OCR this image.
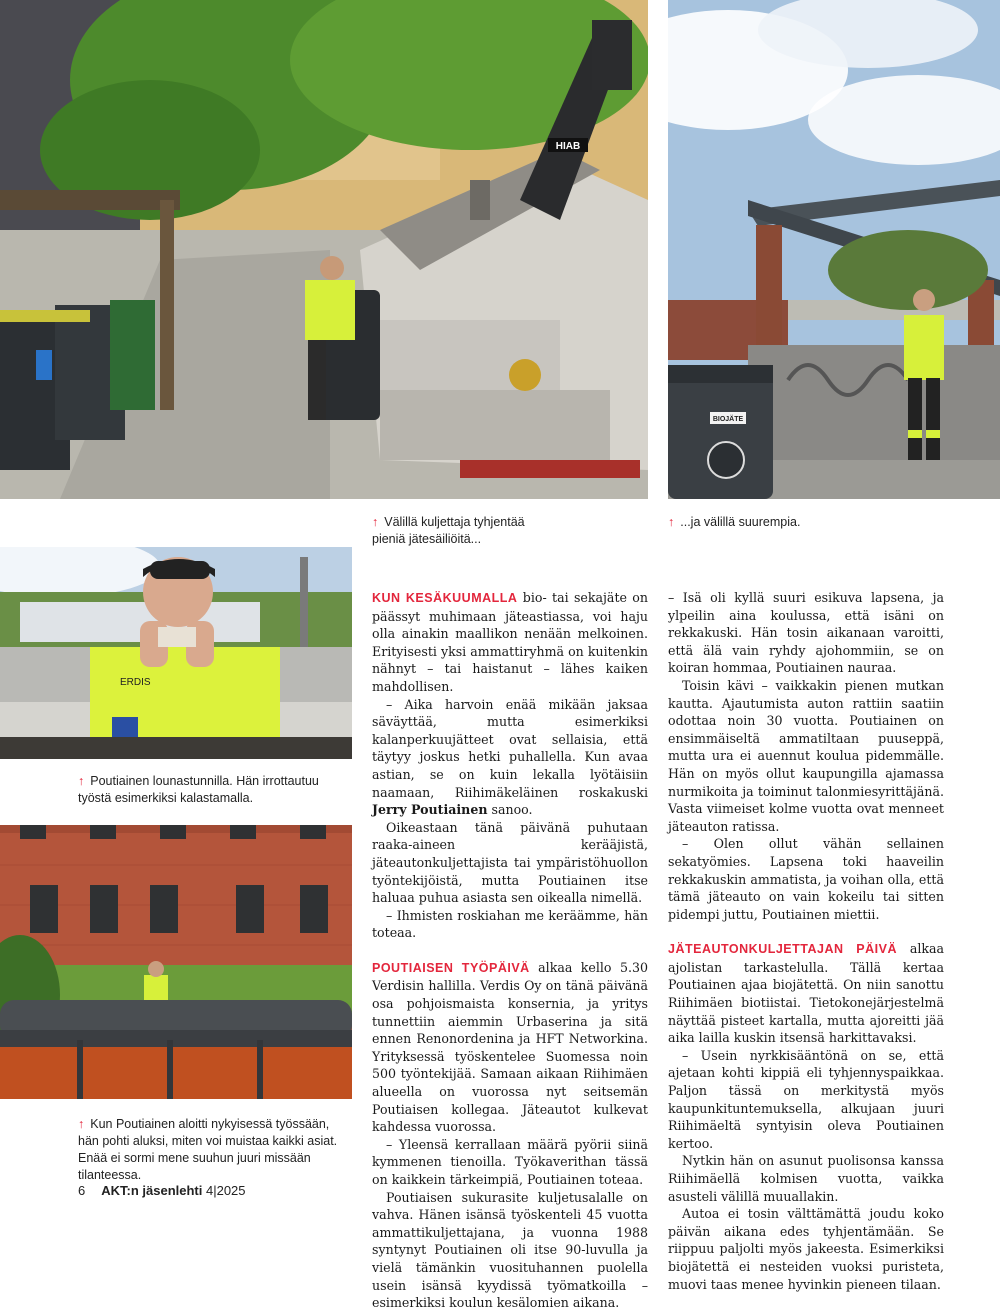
HIAB
BIOJÄTE
↑ Välillä kuljettaja tyhjentää pieniä jätesäiliöitä...
↑ ...ja välillä suurempia.
ERDIS
↑ Poutiainen lounastunnilla. Hän irrottautuu työstä esimerkiksi kalastamalla.
↑ Kun Poutiainen aloitti nykyisessä työssään, hän pohti aluksi, miten voi muistaa kaikki asiat. Enää ei sormi mene suuhun juuri missään tilanteessa.

KUN KESÄKUUMALLA bio- tai sekajäte on päässyt muhimaan jäteastiassa, voi haju olla ainakin maallikon nenään melkoinen. Erityisesti yksi ammattiryhmä on kuitenkin nähnyt – tai haistanut – lähes kaiken mahdollisen.

– Aika harvoin enää mikään jaksaa säväyttää, mutta esimerkiksi kalanperkuujätteet ovat sellaisia, että täytyy joskus hetki puhallella. Kun avaa astian, se on kuin lekalla lyötäisiin naamaan, Riihimäkeläinen roskakuski Jerry Poutiainen sanoo.

Oikeastaan tänä päivänä puhutaan raaka-aineen kerääjistä, jäteautonkuljettajista tai ympäristöhuollon työntekijöistä, mutta Poutiainen itse haluaa puhua asiasta sen oikealla nimellä.

– Ihmisten roskiahan me keräämme, hän toteaa.

POUTIAISEN TYÖPÄIVÄ alkaa kello 5.30 Verdisin hallilla. Verdis Oy on tänä päivänä osa pohjoismaista konsernia, ja yritys tunnettiin aiemmin Urbaserina ja sitä ennen Renonordenina ja HFT Networkina. Yrityksessä työskentelee Suomessa noin 500 työntekijää. Samaan aikaan Riihimäen alueella on vuorossa nyt seitsemän Poutiaisen kollegaa. Jäteautot kulkevat kahdessa vuorossa.

– Yleensä kerrallaan määrä pyörii siinä kymmenen tienoilla. Työkaverithan tässä on kaikkein tärkeimpiä, Poutiainen toteaa.

Poutiaisen sukurasite kuljetusalalle on vahva. Hänen isänsä työskenteli 45 vuotta ammattikuljettajana, ja vuonna 1988 syntynyt Poutiainen oli itse 90-luvulla ja vielä tämänkin vuosituhannen puolella usein isänsä kyydissä työmatkoilla – esimerkiksi koulun kesälomien aikana.

– Isä oli kyllä suuri esikuva lapsena, ja ylpeilin aina koulussa, että isäni on rekkakuski. Hän tosin aikanaan varoitti, että älä vain ryhdy ajohommiin, se on koiran hommaa, Poutiainen nauraa.

Toisin kävi – vaikkakin pienen mutkan kautta. Ajautumista auton rattiin saatiin odottaa noin 30 vuotta. Poutiainen on ensimmäiseltä ammatiltaan puuseppä, mutta ura ei auennut koulua pidemmälle. Hän on myös ollut kaupungilla ajamassa nurmikoita ja toiminut talonmiesyrittäjänä. Vasta viimeiset kolme vuotta ovat menneet jäteauton ratissa.

– Olen ollut vähän sellainen sekatyömies. Lapsena toki haaveilin rekkakuskin ammatista, ja voihan olla, että tämä jäteauto on vain kokeilu tai sitten pidempi juttu, Poutiainen miettii.

JÄTEAUTONKULJETTAJAN PÄIVÄ alkaa ajolistan tarkastelulla. Tällä kertaa Poutiainen ajaa biojätettä. On niin sanottu Riihimäen biotiistai. Tietokonejärjestelmä näyttää pisteet kartalla, mutta ajoreitti jää aika lailla kuskin itsensä harkittavaksi.

– Usein nyrkkisääntönä on se, että ajetaan kohti kippiä eli tyhjennyspaikkaa. Paljon tässä on merkitystä myös kaupunkituntemuksella, alkujaan juuri Riihimäeltä syntyisin oleva Poutiainen kertoo.

Nytkin hän on asunut puolisonsa kanssa Riihimäellä kolmisen vuotta, vaikka asusteli välillä muuallakin.

Autoa ei tosin välttämättä joudu koko päivän aikana edes tyhjentämään. Se riippuu paljolti myös jakeesta. Esimerkiksi biojätettä ei nesteiden vuoksi puristeta, muovi taas menee hyvinkin pieneen tilaan.

6 AKT:n jäsenlehti 4|2025
